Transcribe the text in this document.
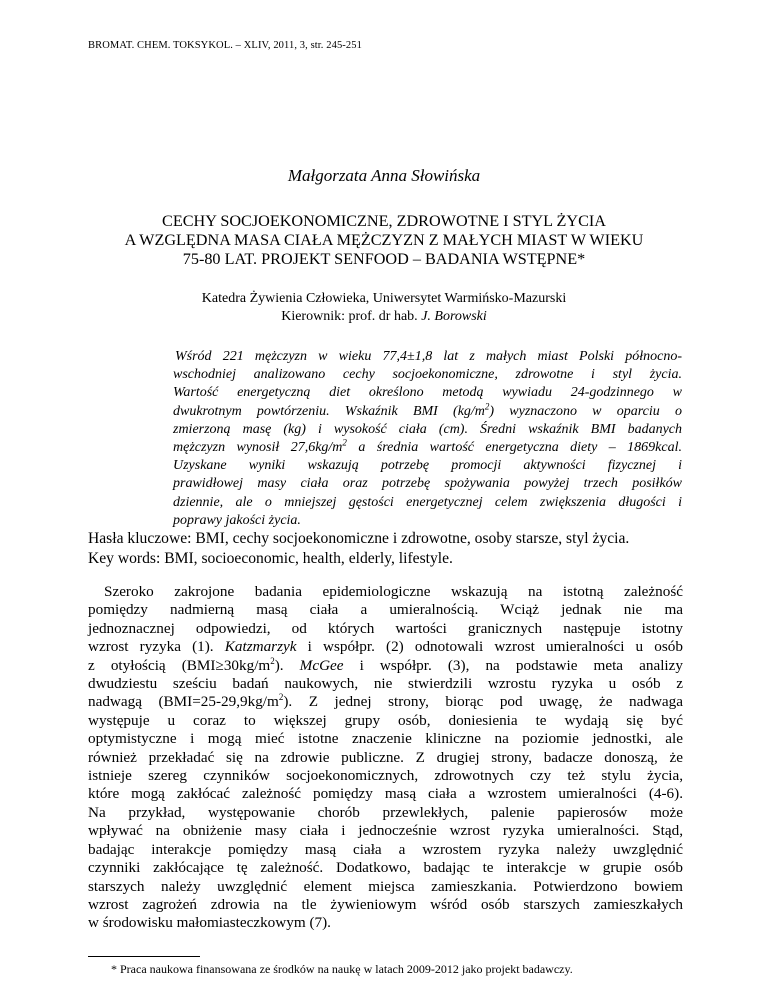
BROMAT. CHEM. TOKSYKOL. – XLIV, 2011, 3, str. 245-251
Małgorzata Anna Słowińska
CECHY SOCJOEKONOMICZNE, ZDROWOTNE I STYL ŻYCIA
A WZGLĘDNA MASA CIAŁA MĘŻCZYZN Z MAŁYCH MIAST W WIEKU
75-80 LAT. PROJEKT SENFOOD – BADANIA WSTĘPNE*
Katedra Żywienia Człowieka, Uniwersytet Warmińsko-Mazurski
Kierownik: prof. dr hab. J. Borowski
Wśród 221 mężczyzn w wieku 77,4±1,8 lat z małych miast Polski północno-
wschodniej analizowano cechy socjoekonomiczne, zdrowotne i styl życia.
Wartość energetyczną diet określono metodą wywiadu 24-godzinnego w
dwukrotnym powtórzeniu. Wskaźnik BMI $(kg/m^2)$ wyznaczono w oparciu o
zmierzoną masę (kg) i wysokość ciała (cm). Średni wskaźnik BMI badanych
mężczyzn wynosił $27,6kg/m^2$ a średnia wartość energetyczna diety – 1869kcal.
Uzyskane wyniki wskazują potrzebę promocji aktywności fizycznej i
prawidłowej masy ciała oraz potrzebę spożywania powyżej trzech posiłków
dziennie, ale o mniejszej gęstości energetycznej celem zwiększenia długości i
poprawy jakości życia.
Hasła kluczowe: BMI, cechy socjoekonomiczne i zdrowotne, osoby starsze, styl życia.
Key words: BMI, socioeconomic, health, elderly, lifestyle.
Szeroko zakrojone badania epidemiologiczne wskazują na istotną zależność
pomiędzy nadmierną masą ciała a umieralnością. Wciąż jednak nie ma
jednoznacznej odpowiedzi, od których wartości granicznych następuje istotny
wzrost ryzyka (1). Katzmarzyk i współpr. (2) odnotowali wzrost umieralności u osób
z otyłością $(BMI\ge 30kg/m^2)$. McGee i współpr. (3), na podstawie meta analizy
dwudziestu sześciu badań naukowych, nie stwierdzili wzrostu ryzyka u osób z
nadwagą $(BMI=25-29,9kg/m^2)$. Z jednej strony, biorąc pod uwagę, że nadwaga
występuje u coraz to większej grupy osób, doniesienia te wydają się być
optymistyczne i mogą mieć istotne znaczenie kliniczne na poziomie jednostki, ale
również przekładać się na zdrowie publiczne. Z drugiej strony, badacze donoszą, że
istnieje szereg czynników socjoekonomicznych, zdrowotnych czy też stylu życia,
które mogą zakłócać zależność pomiędzy masą ciała a wzrostem umieralności (4-6).
Na przykład, występowanie chorób przewlekłych, palenie papierosów może
wpływać na obniżenie masy ciała i jednocześnie wzrost ryzyka umieralności. Stąd,
badając interakcje pomiędzy masą ciała a wzrostem ryzyka należy uwzględnić
czynniki zakłócające tę zależność. Dodatkowo, badając te interakcje w grupie osób
starszych należy uwzględnić element miejsca zamieszkania. Potwierdzono bowiem
wzrost zagrożeń zdrowia na tle żywieniowym wśród osób starszych zamieszkałych
w środowisku małomiasteczkowym (7).
* Praca naukowa finansowana ze środków na naukę w latach 2009-2012 jako projekt badawczy.
